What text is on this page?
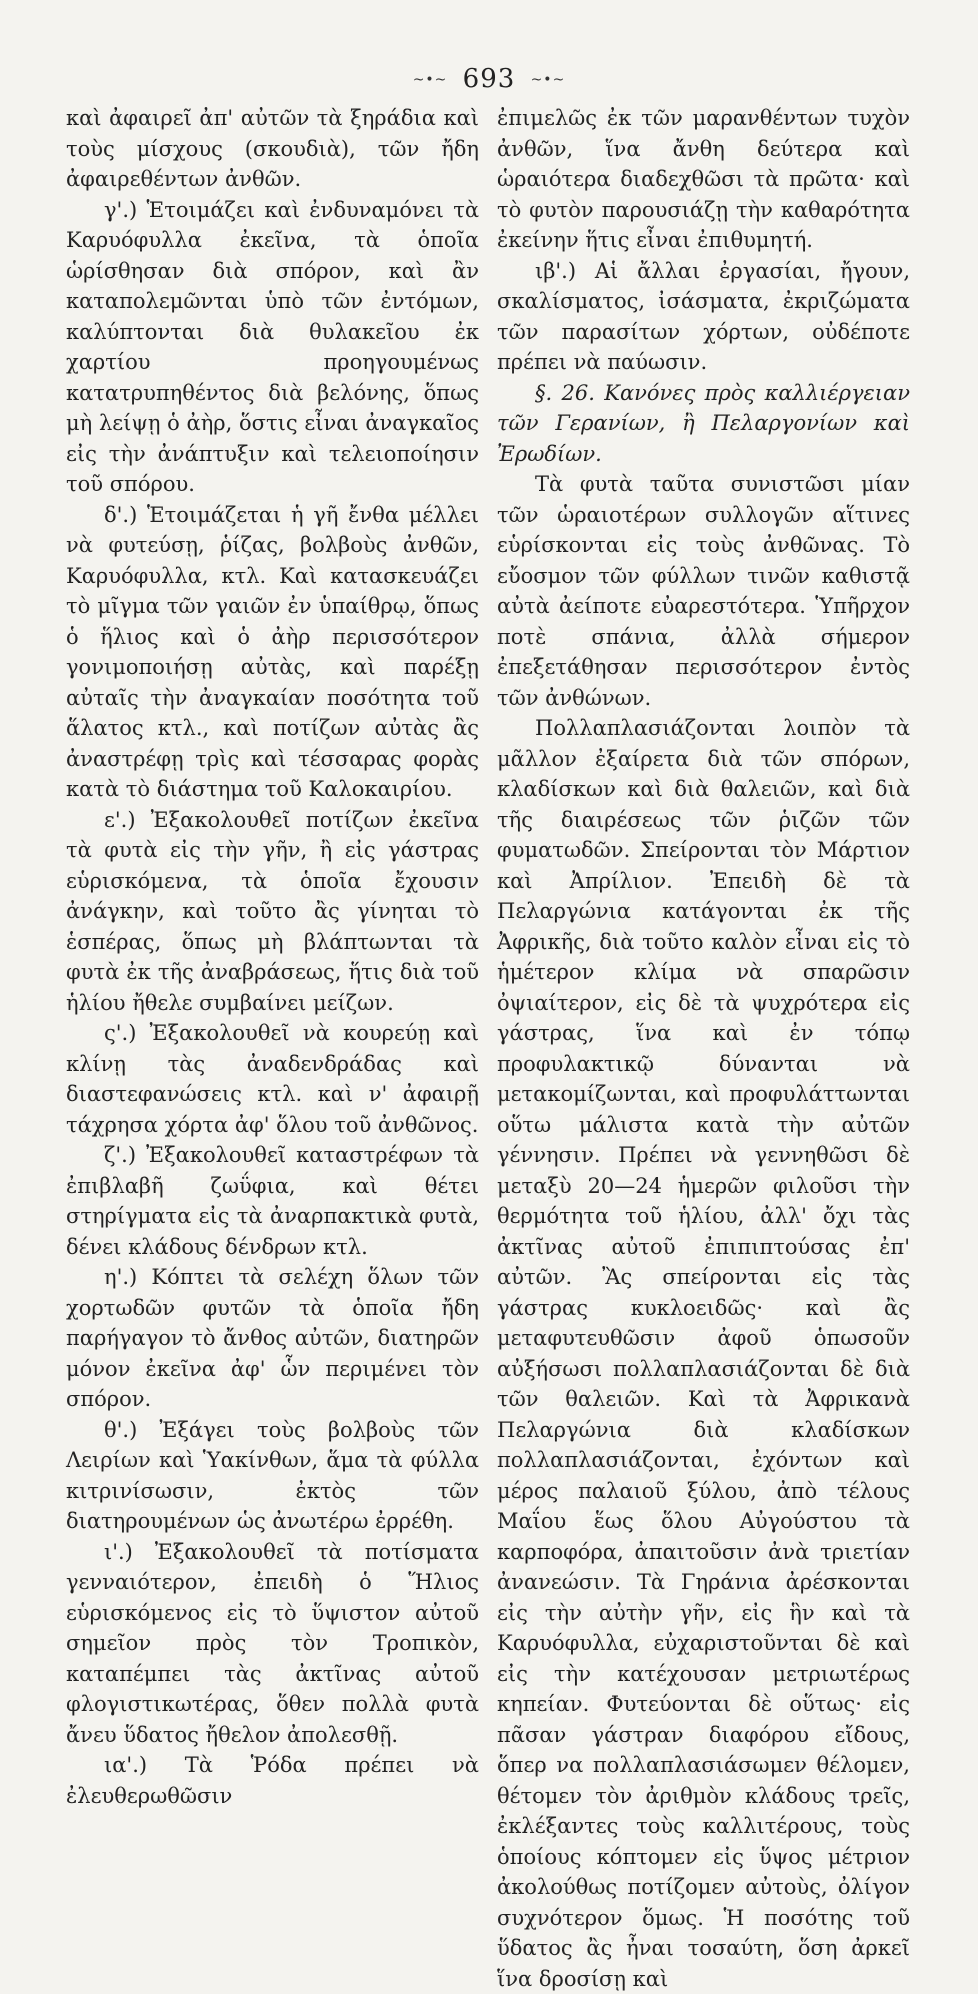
~•~ 693 ~•~

καὶ ἀφαιρεῖ ἀπ' αὐτῶν τὰ ξηράδια καὶ τοὺς μίσχους (σκουδιὰ), τῶν ἤδη ἀφαιρεθέντων ἀνθῶν.

γ'.) Ἑτοιμάζει καὶ ἐνδυναμόνει τὰ Καρυόφυλλα ἐκεῖνα, τὰ ὁποῖα ὡρίσθησαν διὰ σπόρον, καὶ ἂν καταπολεμῶνται ὑπὸ τῶν ἐντόμων, καλύπτονται διὰ θυλακεῖου ἐκ χαρτίου προηγουμένως κατατρυπηθέντος διὰ βελόνης, ὅπως μὴ λείψῃ ὁ ἀὴρ, ὅστις εἶναι ἀναγκαῖος εἰς τὴν ἀνάπτυξιν καὶ τελειοποίησιν τοῦ σπόρου.

δ'.) Ἑτοιμάζεται ἡ γῆ ἔνθα μέλλει νὰ φυτεύσῃ, ῥίζας, βολβοὺς ἀνθῶν, Καρυόφυλλα, κτλ. Καὶ κατασκευάζει τὸ μῖγμα τῶν γαιῶν ἐν ὑπαίθρῳ, ὅπως ὁ ἥλιος καὶ ὁ ἀὴρ περισσότερον γονιμοποιήσῃ αὐτὰς, καὶ παρέξῃ αὐταῖς τὴν ἀναγκαίαν ποσότητα τοῦ ἅλατος κτλ., καὶ ποτίζων αὐτὰς ἂς ἀναστρέφῃ τρὶς καὶ τέσσαρας φορὰς κατὰ τὸ διάστημα τοῦ Καλοκαιρίου.

ε'.) Ἐξακολουθεῖ ποτίζων ἐκεῖνα τὰ φυτὰ εἰς τὴν γῆν, ἢ εἰς γάστρας εὑρισκόμενα, τὰ ὁποῖα ἔχουσιν ἀνάγκην, καὶ τοῦτο ἂς γίνηται τὸ ἑσπέρας, ὅπως μὴ βλάπτωνται τὰ φυτὰ ἐκ τῆς ἀναβράσεως, ἥτις διὰ τοῦ ἡλίου ἤθελε συμβαίνει μείζων.

ς'.) Ἐξακολουθεῖ νὰ κουρεύῃ καὶ κλίνῃ τὰς ἀναδενδράδας καὶ διαστεφανώσεις κτλ. καὶ ν' ἀφαιρῇ τάχρησα χόρτα ἀφ' ὅλου τοῦ ἀνθῶνος.

ζ'.) Ἐξακολουθεῖ καταστρέφων τὰ ἐπιβλαβῆ ζωΰφια, καὶ θέτει στηρίγματα εἰς τὰ ἀναρπακτικὰ φυτὰ, δένει κλάδους δένδρων κτλ.

η'.) Κόπτει τὰ σελέχη ὅλων τῶν χορτωδῶν φυτῶν τὰ ὁποῖα ἤδη παρήγαγον τὸ ἄνθος αὐτῶν, διατηρῶν μόνον ἐκεῖνα ἀφ' ὧν περιμένει τὸν σπόρον.

θ'.) Ἐξάγει τοὺς βολβοὺς τῶν Λειρίων καὶ Ὑακίνθων, ἅμα τὰ φύλλα κιτρινίσωσιν, ἐκτὸς τῶν διατηρουμένων ὡς ἀνωτέρω ἐρρέθη.

ι'.) Ἐξακολουθεῖ τὰ ποτίσματα γενναιότερον, ἐπειδὴ ὁ Ἥλιος εὑρισκόμενος εἰς τὸ ὕψιστον αὐτοῦ σημεῖον πρὸς τὸν Τροπικὸν, καταπέμπει τὰς ἀκτῖνας αὐτοῦ φλογιστικωτέρας, ὅθεν πολλὰ φυτὰ ἄνευ ὕδατος ἤθελον ἀπολεσθῇ.

ια'.) Τὰ Ῥόδα πρέπει νὰ ἐλευθερωθῶσιν

ἐπιμελῶς ἐκ τῶν μαρανθέντων τυχὸν ἀνθῶν, ἵνα ἄνθη δεύτερα καὶ ὡραιότερα διαδεχθῶσι τὰ πρῶτα· καὶ τὸ φυτὸν παρουσιάζῃ τὴν καθαρότητα ἐκείνην ἥτις εἶναι ἐπιθυμητή.

ιβ'.) Αἱ ἄλλαι ἐργασίαι, ἤγουν, σκαλίσματος, ἰσάσματα, ἐκριζώματα τῶν παρασίτων χόρτων, οὐδέποτε πρέπει νὰ παύωσιν.

§. 26. Κανόνες πρὸς καλλιέργειαν τῶν Γερανίων, ἢ Πελαργονίων καὶ Ἐρωδίων.

Τὰ φυτὰ ταῦτα συνιστῶσι μίαν τῶν ὡραιοτέρων συλλογῶν αἵτινες εὑρίσκονται εἰς τοὺς ἀνθῶνας. Τὸ εὔοσμον τῶν φύλλων τινῶν καθιστᾷ αὐτὰ ἀείποτε εὐαρεστότερα. Ὑπῆρχον ποτὲ σπάνια, ἀλλὰ σήμερον ἐπεξετάθησαν περισσότερον ἐντὸς τῶν ἀνθώνων.

Πολλαπλασιάζονται λοιπὸν τὰ μᾶλλον ἐξαίρετα διὰ τῶν σπόρων, κλαδίσκων καὶ διὰ θαλειῶν, καὶ διὰ τῆς διαιρέσεως τῶν ῥιζῶν τῶν φυματωδῶν. Σπείρονται τὸν Μάρτιον καὶ Ἀπρίλιον. Ἐπειδὴ δὲ τὰ Πελαργώνια κατάγονται ἐκ τῆς Ἀφρικῆς, διὰ τοῦτο καλὸν εἶναι εἰς τὸ ἡμέτερον κλίμα νὰ σπαρῶσιν ὀψιαίτερον, εἰς δὲ τὰ ψυχρότερα εἰς γάστρας, ἵνα καὶ ἐν τόπῳ προφυλακτικῷ δύνανται νὰ μετακομίζωνται, καὶ προφυλάττωνται οὕτω μάλιστα κατὰ τὴν αὐτῶν γέννησιν. Πρέπει νὰ γεννηθῶσι δὲ μεταξὺ 20—24 ἡμερῶν φιλοῦσι τὴν θερμότητα τοῦ ἡλίου, ἀλλ' ὄχι τὰς ἀκτῖνας αὐτοῦ ἐπιπιπτούσας ἐπ' αὐτῶν. Ἂς σπείρονται εἰς τὰς γάστρας κυκλοειδῶς· καὶ ἂς μεταφυτευθῶσιν ἀφοῦ ὁπωσοῦν αὐξήσωσι πολλαπλασιάζονται δὲ διὰ τῶν θαλειῶν. Καὶ τὰ Ἀφρικανὰ Πελαργώνια διὰ κλαδίσκων πολλαπλασιάζονται, ἐχόντων καὶ μέρος παλαιοῦ ξύλου, ἀπὸ τέλους Μαΐου ἕως ὅλου Αὐγούστου τὰ καρποφόρα, ἀπαιτοῦσιν ἀνὰ τριετίαν ἀνανεώσιν. Τὰ Γηράνια ἀρέσκονται εἰς τὴν αὐτὴν γῆν, εἰς ἣν καὶ τὰ Καρυόφυλλα, εὐχαριστοῦνται δὲ καὶ εἰς τὴν κατέχουσαν μετριωτέρως κηπείαν. Φυτεύονται δὲ οὕτως· εἰς πᾶσαν γάστραν διαφόρου εἴδους, ὅπερ να πολλαπλασιάσωμεν θέλομεν, θέτομεν τὸν ἀριθμὸν κλάδους τρεῖς, ἐκλέξαντες τοὺς καλλιτέρους, τοὺς ὁποίους κόπτομεν εἰς ὕψος μέτριον ἀκολούθως ποτίζομεν αὐτοὺς, ὀλίγον συχνότερον ὅμως. Ἡ ποσότης τοῦ ὕδατος ἂς ἦναι τοσαύτη, ὅση ἀρκεῖ ἵνα δροσίσῃ καὶ
